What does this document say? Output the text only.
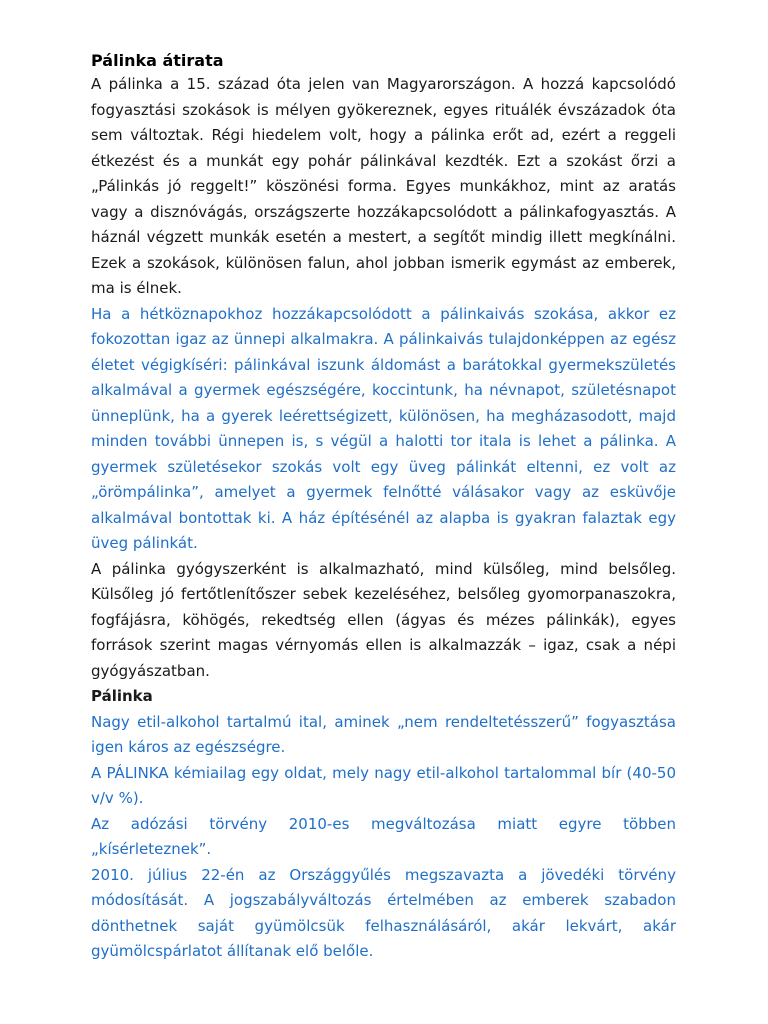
Pálinka átirata

A pálinka a 15. század óta jelen van Magyarországon. A hozzá kapcsolódó fogyasztási szokások is mélyen gyökereznek, egyes rituálék évszázadok óta sem változtak. Régi hiedelem volt, hogy a pálinka erőt ad, ezért a reggeli étkezést és a munkát egy pohár pálinkával kezdték. Ezt a szokást őrzi a „Pálinkás jó reggelt!” köszönési forma. Egyes munkákhoz, mint az aratás vagy a disznóvágás, országszerte hozzákapcsolódott a pálinkafogyasztás. A háznál végzett munkák esetén a mestert, a segítőt mindig illett megkínálni. Ezek a szokások, különösen falun, ahol jobban ismerik egymást az emberek, ma is élnek.

Ha a hétköznapokhoz hozzákapcsolódott a pálinkaivás szokása, akkor ez fokozottan igaz az ünnepi alkalmakra. A pálinkaivás tulajdonképpen az egész életet végigkíséri: pálinkával iszunk áldomást a barátokkal gyermekszületés alkalmával a gyermek egészségére, koccintunk, ha névnapot, születésnapot ünneplünk, ha a gyerek leérettségizett, különösen, ha megházasodott, majd minden további ünnepen is, s végül a halotti tor itala is lehet a pálinka. A gyermek születésekor szokás volt egy üveg pálinkát eltenni, ez volt az „örömpálinka”, amelyet a gyermek felnőtté válásakor vagy az esküvője alkalmával bontottak ki. A ház építésénél az alapba is gyakran falaztak egy üveg pálinkát.

A pálinka gyógyszerként is alkalmazható, mind külsőleg, mind belsőleg. Külsőleg jó fertőtlenítőszer sebek kezeléséhez, belsőleg gyomorpanaszokra, fogfájásra, köhögés, rekedtség ellen (ágyas és mézes pálinkák), egyes források szerint magas vérnyomás ellen is alkalmazzák – igaz, csak a népi gyógyászatban.

Pálinka

Nagy etil-alkohol tartalmú ital, aminek „nem rendeltetésszerű” fogyasztása igen káros az egészségre.

A PÁLINKA kémiailag egy oldat, mely nagy etil-alkohol tartalommal bír (40-50 v/v %).

Az adózási törvény 2010-es megváltozása miatt egyre többen „kísérleteznek”.

2010. július 22-én az Országgyűlés megszavazta a jövedéki törvény módosítását. A jogszabályváltozás értelmében az emberek szabadon dönthetnek saját gyümölcsük felhasználásáról, akár lekvárt, akár gyümölcspárlatot állítanak elő belőle.
